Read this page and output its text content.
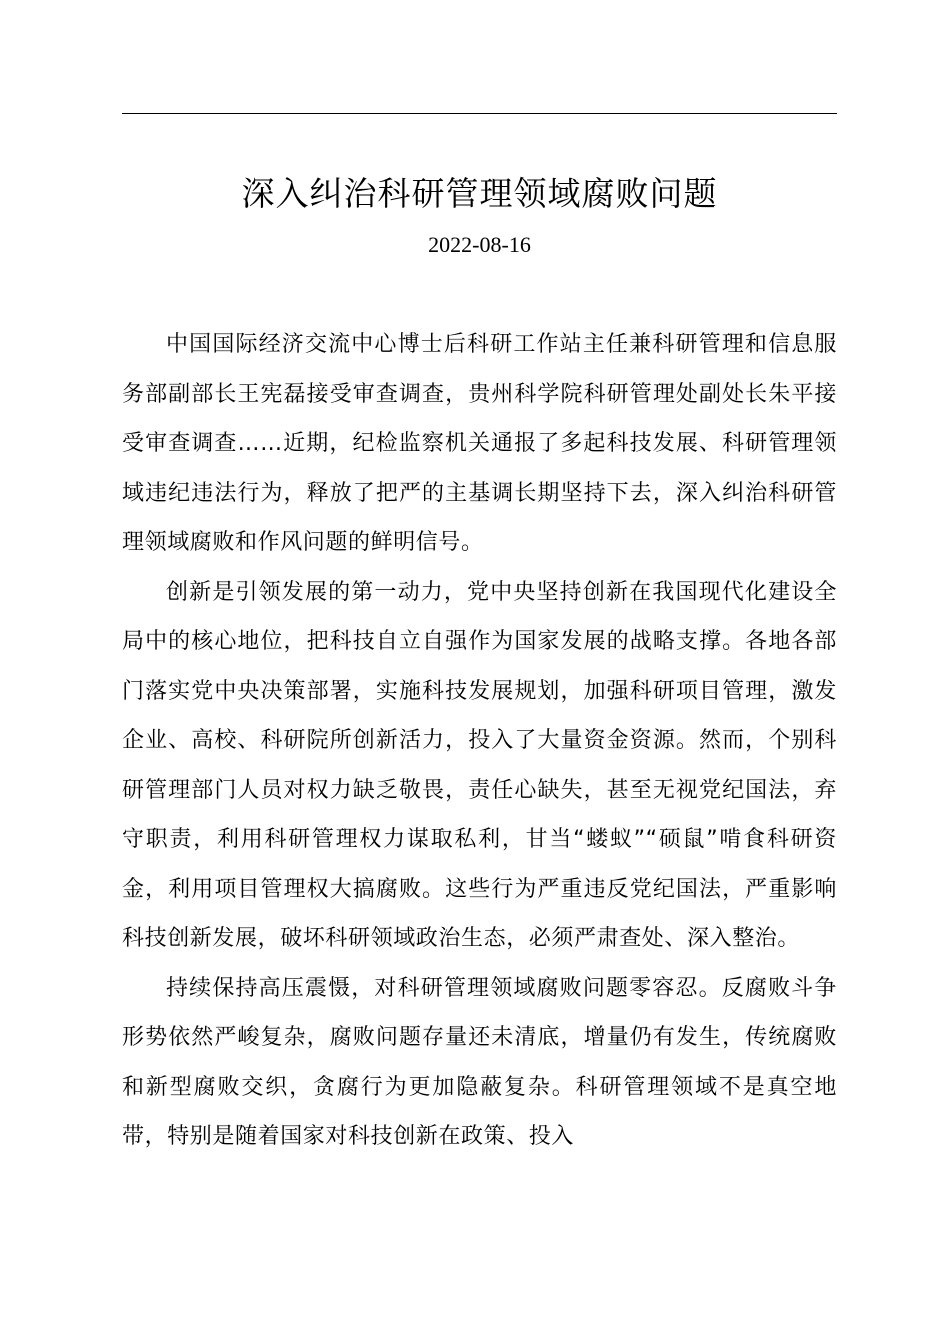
深入纠治科研管理领域腐败问题
2022-08-16

中国国际经济交流中心博士后科研工作站主任兼科研管理和信息服务部副部长王宪磊接受审查调查，贵州科学院科研管理处副处长朱平接受审查调查……近期，纪检监察机关通报了多起科技发展、科研管理领域违纪违法行为，释放了把严的主基调长期坚持下去，深入纠治科研管理领域腐败和作风问题的鲜明信号。

创新是引领发展的第一动力，党中央坚持创新在我国现代化建设全局中的核心地位，把科技自立自强作为国家发展的战略支撑。各地各部门落实党中央决策部署，实施科技发展规划，加强科研项目管理，激发企业、高校、科研院所创新活力，投入了大量资金资源。然而，个别科研管理部门人员对权力缺乏敬畏，责任心缺失，甚至无视党纪国法，弃守职责，利用科研管理权力谋取私利，甘当“蝼蚁”“硕鼠”啃食科研资金，利用项目管理权大搞腐败。这些行为严重违反党纪国法，严重影响科技创新发展，破坏科研领域政治生态，必须严肃查处、深入整治。

持续保持高压震慑，对科研管理领域腐败问题零容忍。反腐败斗争形势依然严峻复杂，腐败问题存量还未清底，增量仍有发生，传统腐败和新型腐败交织，贪腐行为更加隐蔽复杂。科研管理领域不是真空地带，特别是随着国家对科技创新在政策、投入
